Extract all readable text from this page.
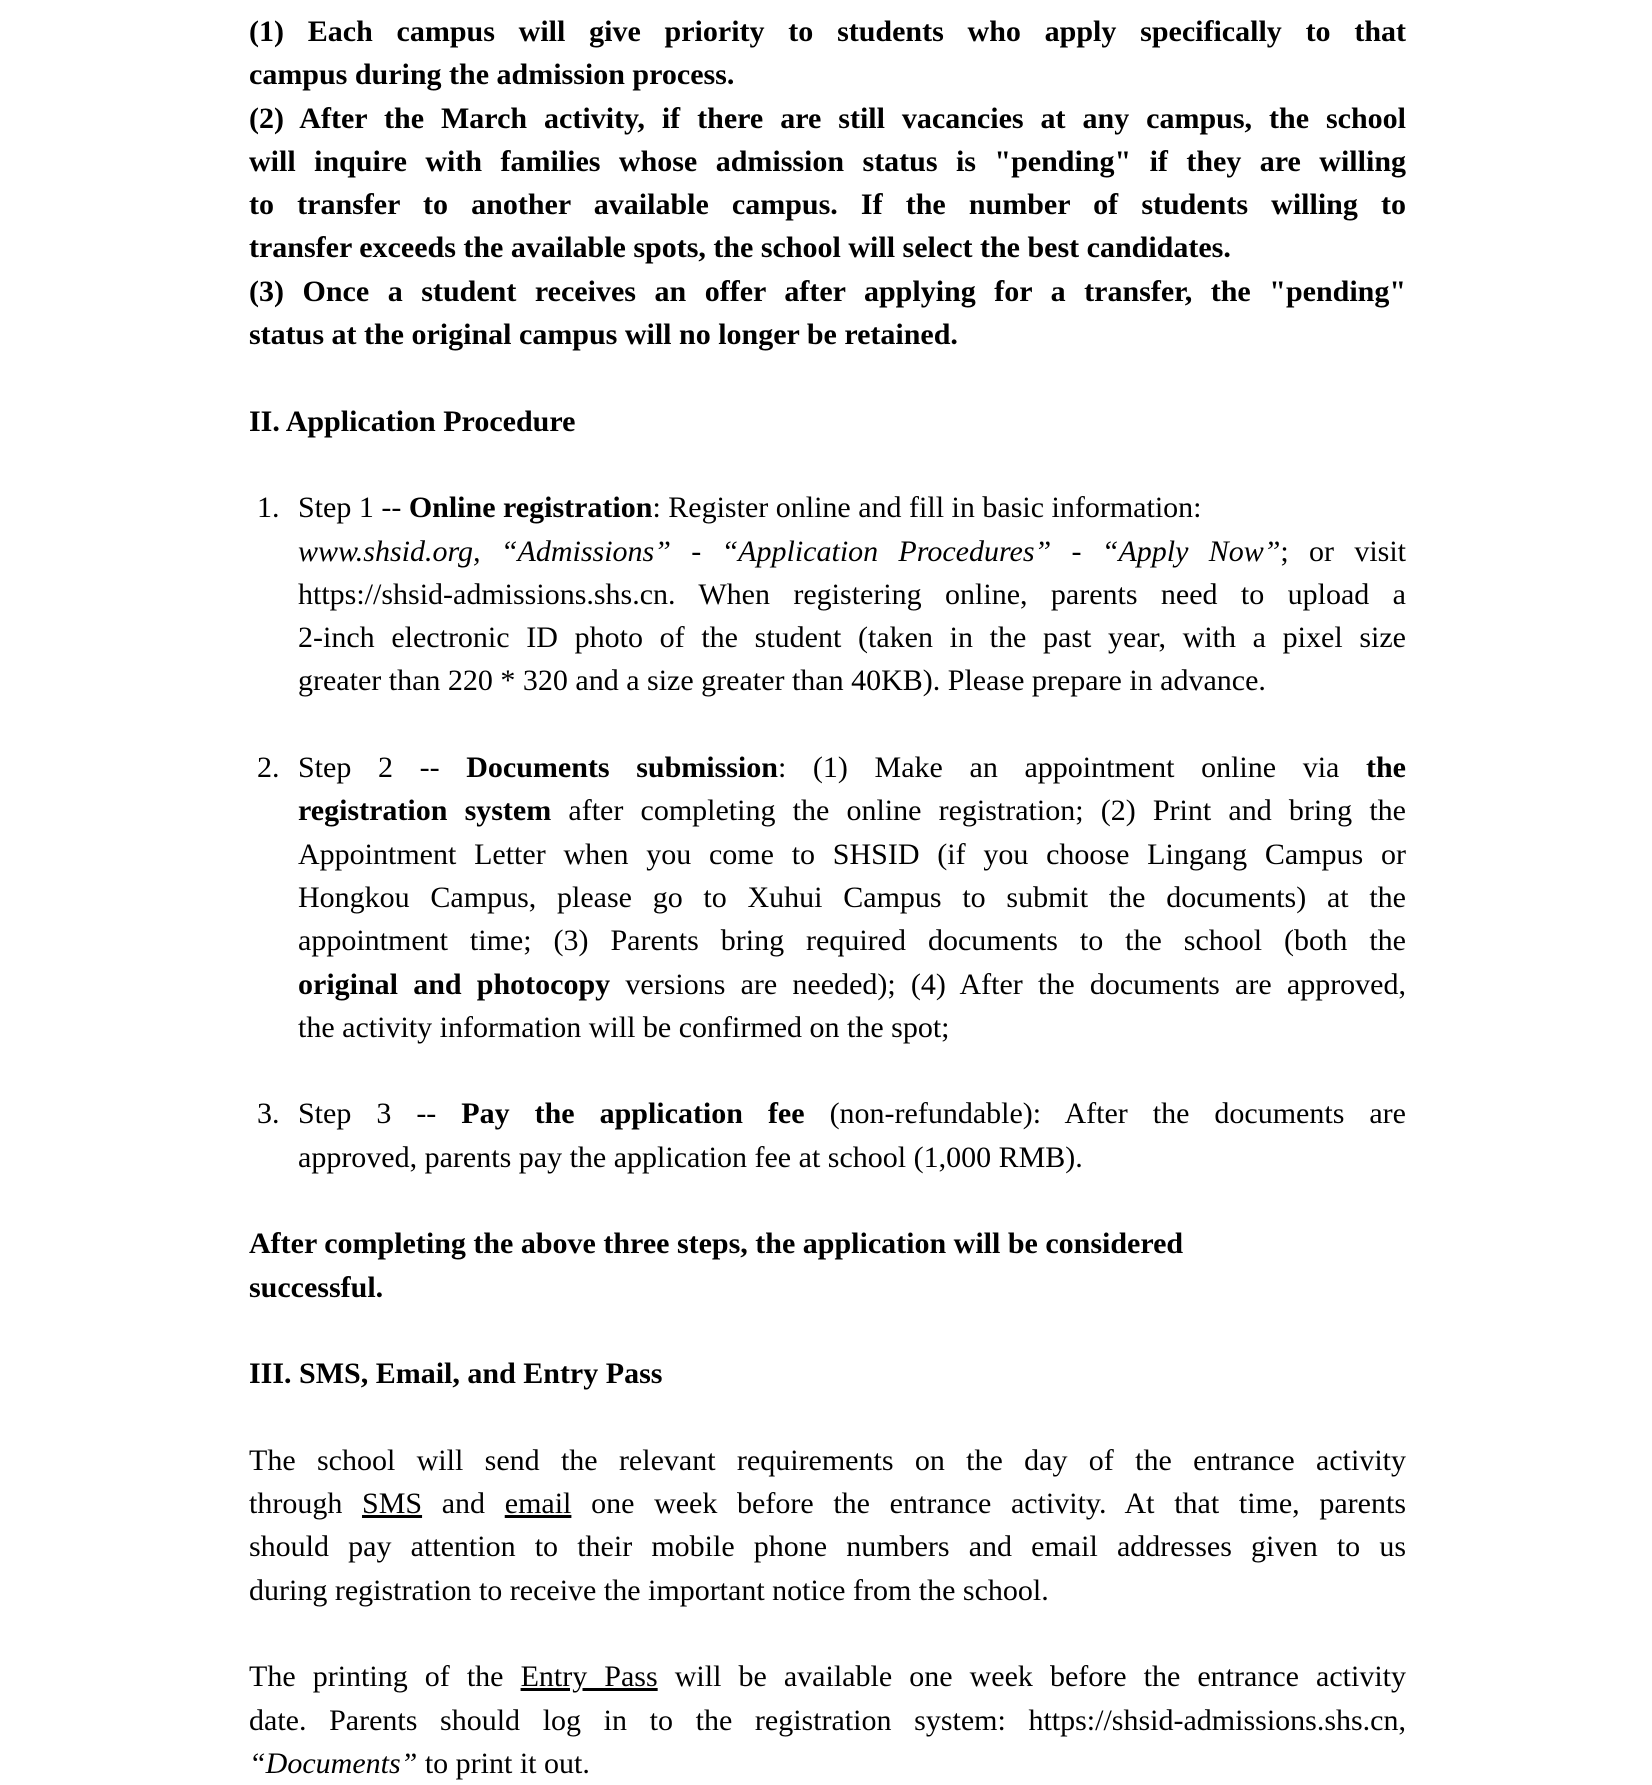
(1) Each campus will give priority to students who apply specifically to that
campus during the admission process.
(2) After the March activity, if there are still vacancies at any campus, the school
will inquire with families whose admission status is "pending" if they are willing
to transfer to another available campus. If the number of students willing to
transfer exceeds the available spots, the school will select the best candidates.
(3) Once a student receives an offer after applying for a transfer, the "pending"
status at the original campus will no longer be retained.
II. Application Procedure
1. Step 1 -- Online registration: Register online and fill in basic information:
www.shsid.org, “Admissions” - “Application Procedures” - “Apply Now”; or visit
https://shsid-admissions.shs.cn. When registering online, parents need to upload a
2-inch electronic ID photo of the student (taken in the past year, with a pixel size
greater than 220 * 320 and a size greater than 40KB). Please prepare in advance.
2. Step 2 -- Documents submission: (1) Make an appointment online via the
registration system after completing the online registration; (2) Print and bring the
Appointment Letter when you come to SHSID (if you choose Lingang Campus or
Hongkou Campus, please go to Xuhui Campus to submit the documents) at the
appointment time; (3) Parents bring required documents to the school (both the
original and photocopy versions are needed); (4) After the documents are approved,
the activity information will be confirmed on the spot;
3. Step 3 -- Pay the application fee (non-refundable): After the documents are
approved, parents pay the application fee at school (1,000 RMB).
After completing the above three steps, the application will be considered
successful.
III. SMS, Email, and Entry Pass
The school will send the relevant requirements on the day of the entrance activity
through SMS and email one week before the entrance activity. At that time, parents
should pay attention to their mobile phone numbers and email addresses given to us
during registration to receive the important notice from the school.
The printing of the Entry Pass will be available one week before the entrance activity
date. Parents should log in to the registration system: https://shsid-admissions.shs.cn,
“Documents” to print it out.
